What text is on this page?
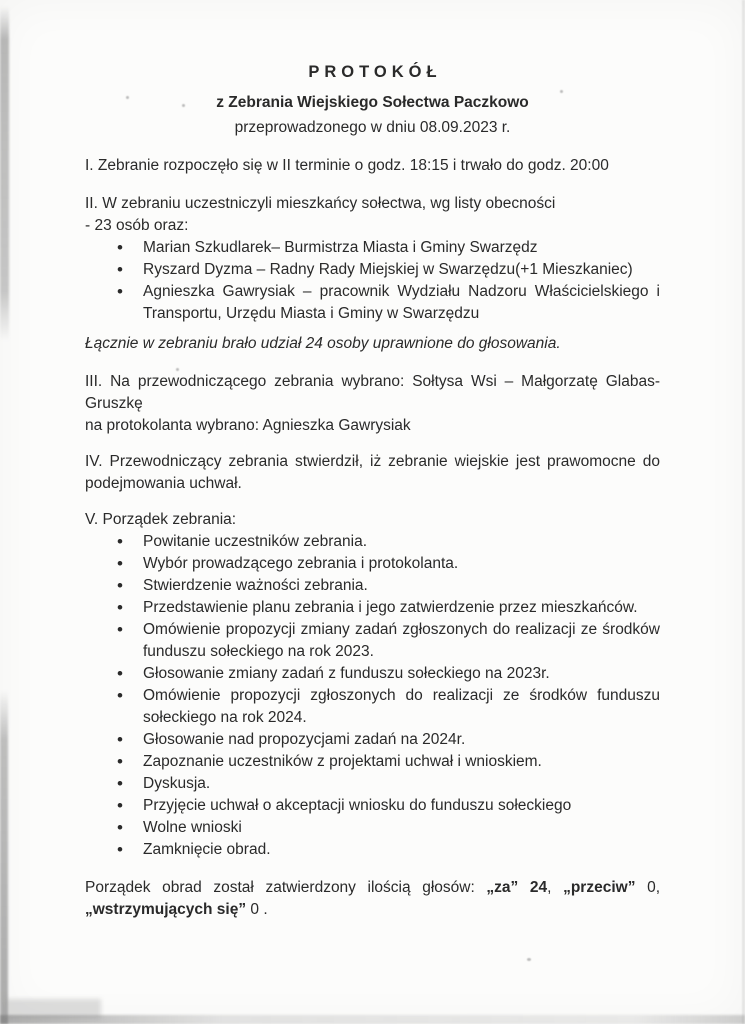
PROTOKÓŁ

z Zebrania Wiejskiego Sołectwa Paczkowo

przeprowadzonego w dniu 08.09.2023 r.

I. Zebranie rozpoczęło się w II terminie o godz. 18:15 i trwało do godz. 20:00

II. W zebraniu uczestniczyli mieszkańcy sołectwa, wg listy obecności

- 23 osób oraz:

• Marian Szkudlarek– Burmistrza Miasta i Gminy Swarzędz
• Ryszard Dyzma – Radny Rady Miejskiej w Swarzędzu(+1 Mieszkaniec)
• Agnieszka Gawrysiak – pracownik Wydziału Nadzoru Właścicielskiego i Transportu, Urzędu Miasta i Gminy w Swarzędzu

Łącznie w zebraniu brało udział 24 osoby uprawnione do głosowania.

III. Na przewodniczącego zebrania wybrano: Sołtysa Wsi – Małgorzatę Glabas-Gruszkę

na protokolanta wybrano: Agnieszka Gawrysiak

IV. Przewodniczący zebrania stwierdził, iż zebranie wiejskie jest prawomocne do podejmowania uchwał.

V. Porządek zebrania:

• Powitanie uczestników zebrania.
• Wybór prowadzącego zebrania i protokolanta.
• Stwierdzenie ważności zebrania.
• Przedstawienie planu zebrania i jego zatwierdzenie przez mieszkańców.
• Omówienie propozycji zmiany zadań zgłoszonych do realizacji ze środków funduszu sołeckiego na rok 2023.
• Głosowanie zmiany zadań z funduszu sołeckiego na 2023r.
• Omówienie propozycji zgłoszonych do realizacji ze środków funduszu sołeckiego na rok 2024.
• Głosowanie nad propozycjami zadań na 2024r.
• Zapoznanie uczestników z projektami uchwał i wnioskiem.
• Dyskusja.
• Przyjęcie uchwał o akceptacji wniosku do funduszu sołeckiego
• Wolne wnioski
• Zamknięcie obrad.

Porządek obrad został zatwierdzony ilością głosów: „za” 24, „przeciw” 0, „wstrzymujących się” 0 .
